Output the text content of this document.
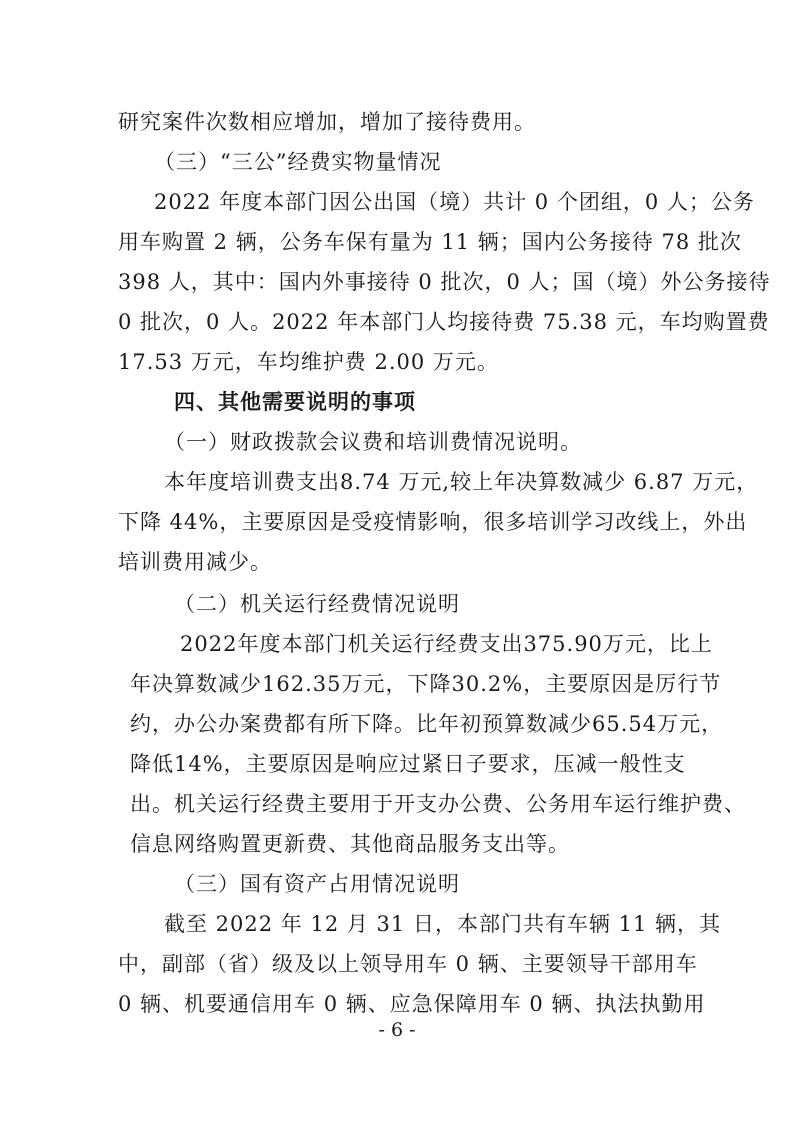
研究案件次数相应增加，增加了接待费用。
（三）“三公”经费实物量情况
2022 年度本部门因公出国（境）共计 0 个团组，0 人；公务
用车购置 2 辆，公务车保有量为 11 辆；国内公务接待 78 批次
398 人，其中：国内外事接待 0 批次，0 人；国（境）外公务接待
0 批次，0 人。2022 年本部门人均接待费 75.38 元，车均购置费
17.53 万元，车均维护费 2.00 万元。
四、其他需要说明的事项
（一）财政拨款会议费和培训费情况说明。
本年度培训费支出8.74 万元,较上年决算数减少 6.87 万元，
下降 44%，主要原因是受疫情影响，很多培训学习改线上，外出
培训费用减少。
（二）机关运行经费情况说明
2022年度本部门机关运行经费支出375.90万元，比上
年决算数减少162.35万元，下降30.2%，主要原因是厉行节
约，办公办案费都有所下降。比年初预算数减少65.54万元，
降低14%，主要原因是响应过紧日子要求，压减一般性支
出。机关运行经费主要用于开支办公费、公务用车运行维护费、
信息网络购置更新费、其他商品服务支出等。
（三）国有资产占用情况说明
截至 2022 年 12 月 31 日，本部门共有车辆 11 辆，其
中，副部（省）级及以上领导用车 0 辆、主要领导干部用车
0 辆、机要通信用车 0 辆、应急保障用车 0 辆、执法执勤用
- 6 -
